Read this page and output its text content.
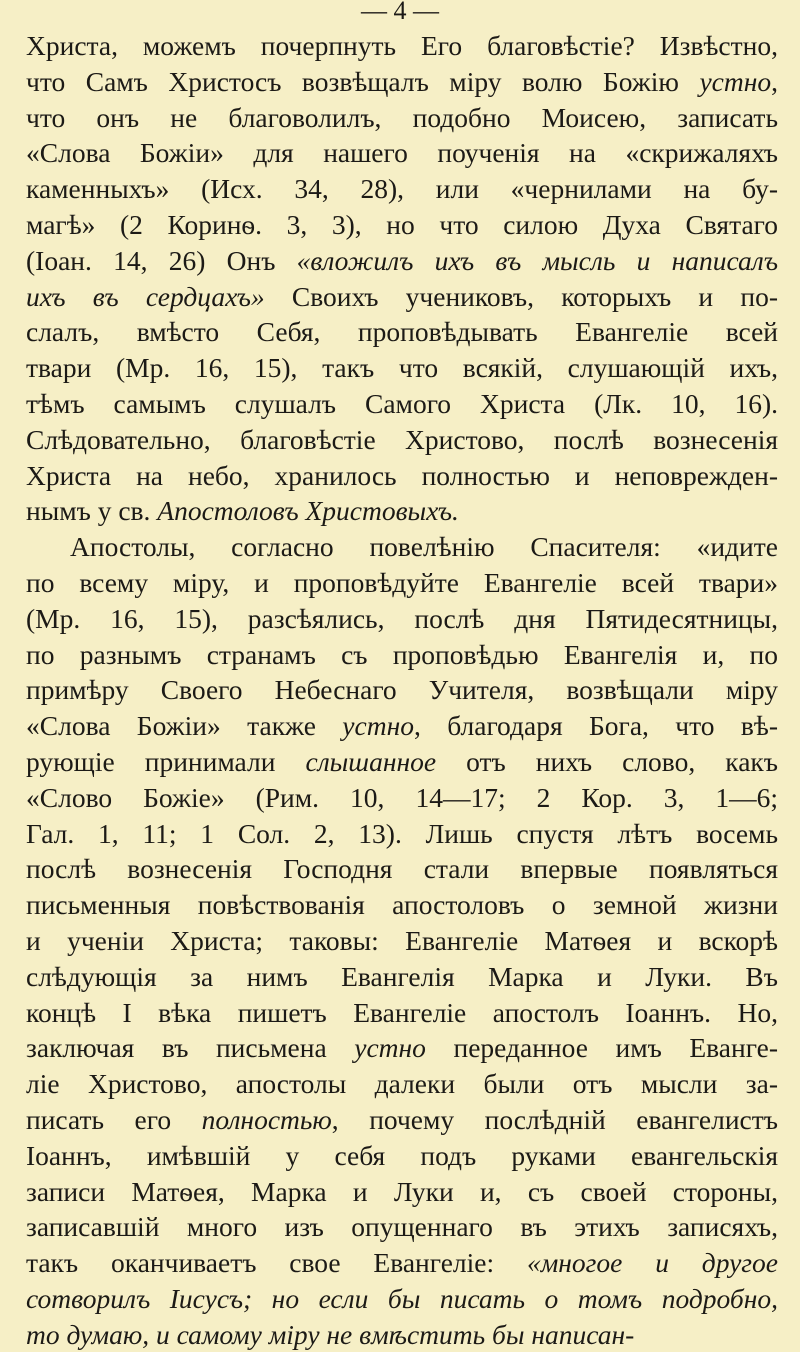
— 4 —
Христа, можемъ почерпнуть Его благовѣстіе? Извѣстно,
что Самъ Христосъ возвѣщалъ міру волю Божію устно,
что онъ не благоволилъ, подобно Моисею, записать
«Слова Божіи» для нашего поученія на «скрижаляхъ
каменныхъ» (Исх. 34, 28), или «чернилами на бу-
магѣ» (2 Коринѳ. 3, 3), но что силою Духа Святаго
(Іоан. 14, 26) Онъ «вложилъ ихъ въ мысль и написалъ
ихъ въ сердцахъ» Своихъ учениковъ, которыхъ и по-
слалъ, вмѣсто Себя, проповѣдывать Евангеліе всей
твари (Мр. 16, 15), такъ что всякій, слушающій ихъ,
тѣмъ самымъ слушалъ Самого Христа (Лк. 10, 16).
Слѣдовательно, благовѣстіе Христово, послѣ вознесенія
Христа на небо, хранилось полностью и неповрежден-
нымъ у св. Апостоловъ Христовыхъ.
Апостолы, согласно повелѣнію Спасителя: «идите
по всему міру, и проповѣдуйте Евангеліе всей твари»
(Мр. 16, 15), разсѣялись, послѣ дня Пятидесятницы,
по разнымъ странамъ съ проповѣдью Евангелія и, по
примѣру Своего Небеснаго Учителя, возвѣщали міру
«Слова Божіи» также устно, благодаря Бога, что вѣ-
рующіе принимали слышанное отъ нихъ слово, какъ
«Слово Божіе» (Рим. 10, 14—17; 2 Кор. 3, 1—6;
Гал. 1, 11; 1 Сол. 2, 13). Лишь спустя лѣтъ восемь
послѣ вознесенія Господня стали впервые появляться
письменныя повѣствованія апостоловъ о земной жизни
и ученіи Христа; таковы: Евангеліе Матѳея и вскорѣ
слѣдующія за нимъ Евангелія Марка и Луки. Въ
концѣ I вѣка пишетъ Евангеліе апостолъ Іоаннъ. Но,
заключая въ письмена устно переданное имъ Еванге-
ліе Христово, апостолы далеки были отъ мысли за-
писать его полностью, почему послѣдній евангелистъ
Іоаннъ, имѣвшій у себя подъ руками евангельскія
записи Матѳея, Марка и Луки и, съ своей стороны,
записавшій много изъ опущеннаго въ этихъ записяхъ,
такъ оканчиваетъ свое Евангеліе: «многое и другое
сотворилъ Іисусъ; но если бы писать о томъ подробно,
то думаю, и самому міру не вмѣстить бы написан-
